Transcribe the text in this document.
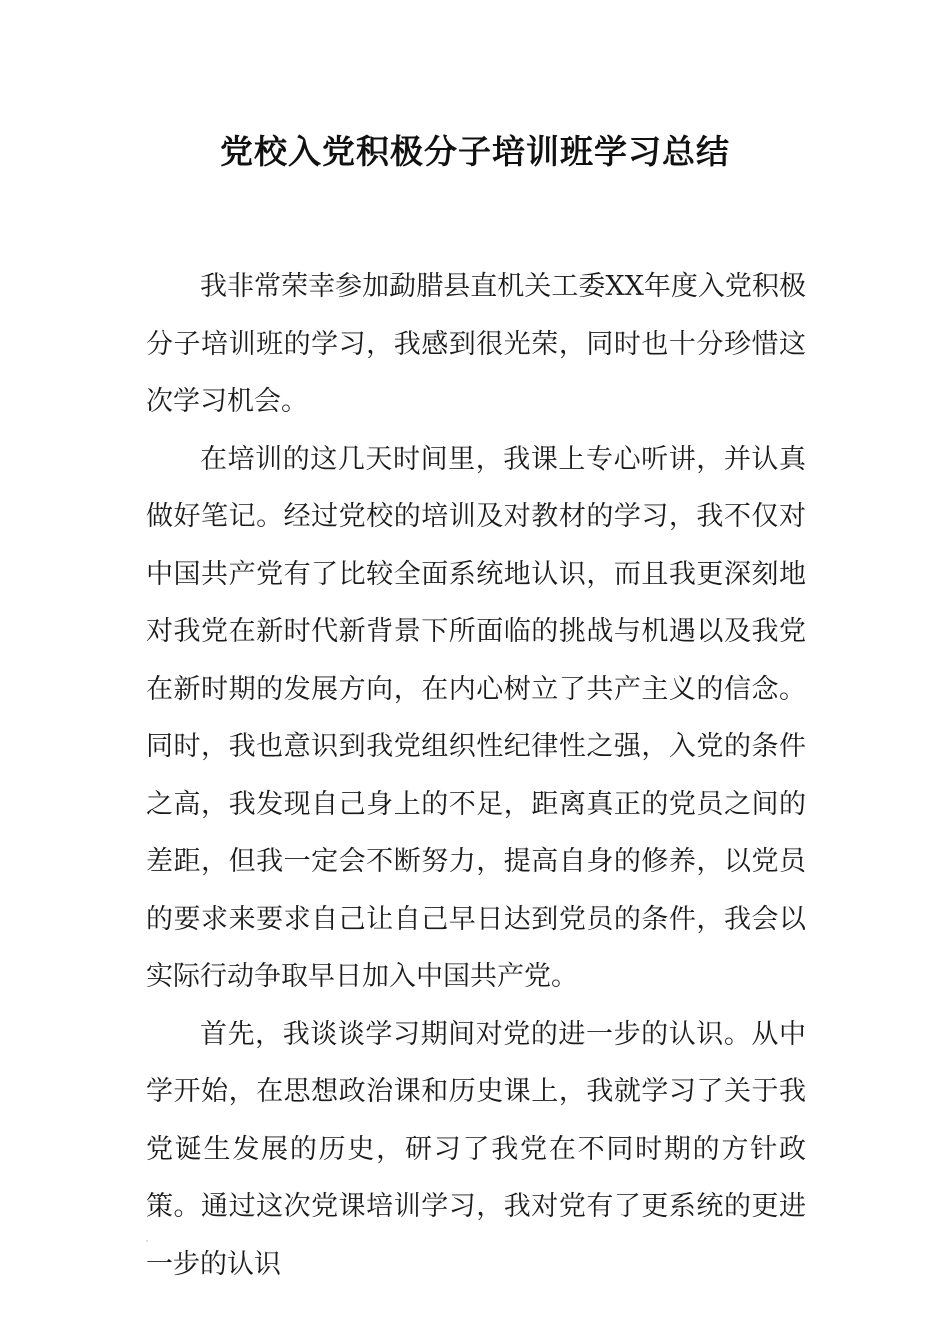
党校入党积极分子培训班学习总结

我非常荣幸参加勐腊县直机关工委XX年度入党积极分子培训班的学习，我感到很光荣，同时也十分珍惜这次学习机会。

在培训的这几天时间里，我课上专心听讲，并认真做好笔记。经过党校的培训及对教材的学习，我不仅对中国共产党有了比较全面系统地认识，而且我更深刻地对我党在新时代新背景下所面临的挑战与机遇以及我党在新时期的发展方向，在内心树立了共产主义的信念。同时，我也意识到我党组织性纪律性之强，入党的条件之高，我发现自己身上的不足，距离真正的党员之间的差距，但我一定会不断努力，提高自身的修养，以党员的要求来要求自己让自己早日达到党员的条件，我会以实际行动争取早日加入中国共产党。

首先，我谈谈学习期间对党的进一步的认识。从中学开始，在思想政治课和历史课上，我就学习了关于我党诞生发展的历史，研习了我党在不同时期的方针政策。通过这次党课培训学习，我对党有了更系统的更进一步的认识
